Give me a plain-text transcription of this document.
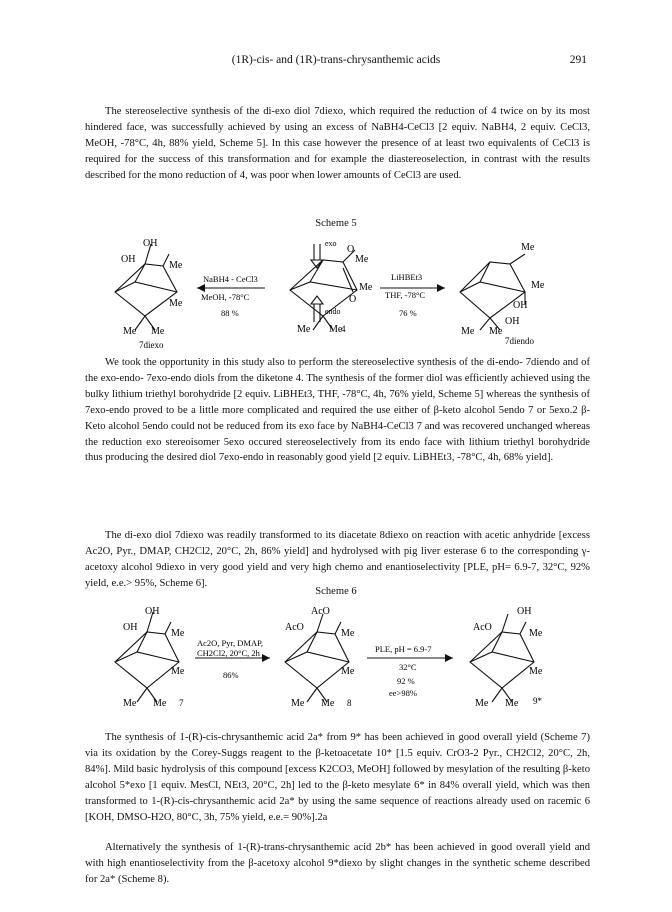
(1R)-cis- and (1R)-trans-chrysanthemic acids	291

The stereoselective synthesis of the di-exo diol 7diexo, which required the reduction of 4 twice on by its most hindered face, was successfully achieved by using an excess of NaBH4-CeCl3 [2 equiv. NaBH4, 2 equiv. CeCl3, MeOH, -78°C, 4h, 88% yield, Scheme 5]. In this case however the presence of at least two equivalents of CeCl3 is required for the success of this transformation and for example the diastereoselection, in contrast with the results described for the mono reduction of 4, was poor when lower amounts of CeCl3 are used.

Scheme 5
OH
OH
Me
Me
Me Me
7diexo
NaBH4 - CeCl3
MeOH, -78°C
88 %
exo
O
Me
Me
O
endo
Me Me
4
LiHBEt3
THF, -78°C
76 %
Me
Me
OH
OH
Me Me
7diendo

We took the opportunity in this study also to perform the stereoselective synthesis of the di-endo- 7diendo and of the exo-endo- 7exo-endo diols from the diketone 4. The synthesis of the former diol was efficiently achieved using the bulky lithium triethyl borohydride [2 equiv. LiBHEt3, THF, -78°C, 4h, 76% yield, Scheme 5] whereas the synthesis of 7exo-endo proved to be a little more complicated and required the use either of β-keto alcohol 5endo 7 or 5exo.2 β-Keto alcohol 5endo could not be reduced from its exo face by NaBH4-CeCl3 7 and was recovered unchanged whereas the reduction exo stereoisomer 5exo occured stereoselectively from its endo face with lithium triethyl borohydride thus producing the desired diol 7exo-endo in reasonably good yield [2 equiv. LiBHEt3, -78°C, 4h, 68% yield].

The di-exo diol 7diexo was readily transformed to its diacetate 8diexo on reaction with acetic anhydride [excess Ac2O, Pyr., DMAP, CH2Cl2, 20°C, 2h, 86% yield] and hydrolysed with pig liver esterase 6 to the corresponding γ-acetoxy alcohol 9diexo in very good yield and very high chemo and enantioselectivity [PLE, pH= 6.9-7, 32°C, 92% yield, e.e.> 95%, Scheme 6].

Scheme 6
OH
OH
Me
Me
Me Me 7
Ac2O, Pyr, DMAP,
CH2Cl2, 20°C, 2h
86%
AcO
AcO
Me
Me
Me Me 8
PLE, pH = 6.9-7
32°C
92 %
ee>98%
OH
AcO
Me
Me
Me Me 9*

The synthesis of 1-(R)-cis-chrysanthemic acid 2a* from 9* has been achieved in good overall yield (Scheme 7) via its oxidation by the Corey-Suggs reagent to the β-ketoacetate 10* [1.5 equiv. CrO3-2 Pyr., CH2Cl2, 20°C, 2h, 84%]. Mild basic hydrolysis of this compound [excess K2CO3, MeOH] followed by mesylation of the resulting β-keto alcohol 5*exo [1 equiv. MesCl, NEt3, 20°C, 2h] led to the β-keto mesylate 6* in 84% overall yield, which was then transformed to 1-(R)-cis-chrysanthemic acid 2a* by using the same sequence of reactions already used on racemic 6 [KOH, DMSO-H2O, 80°C, 3h, 75% yield, e.e.= 90%].2a

Alternatively the synthesis of 1-(R)-trans-chrysanthemic acid 2b* has been achieved in good overall yield and with high enantioselectivity from the β-acetoxy alcohol 9*diexo by slight changes in the synthetic scheme described for 2a* (Scheme 8).
